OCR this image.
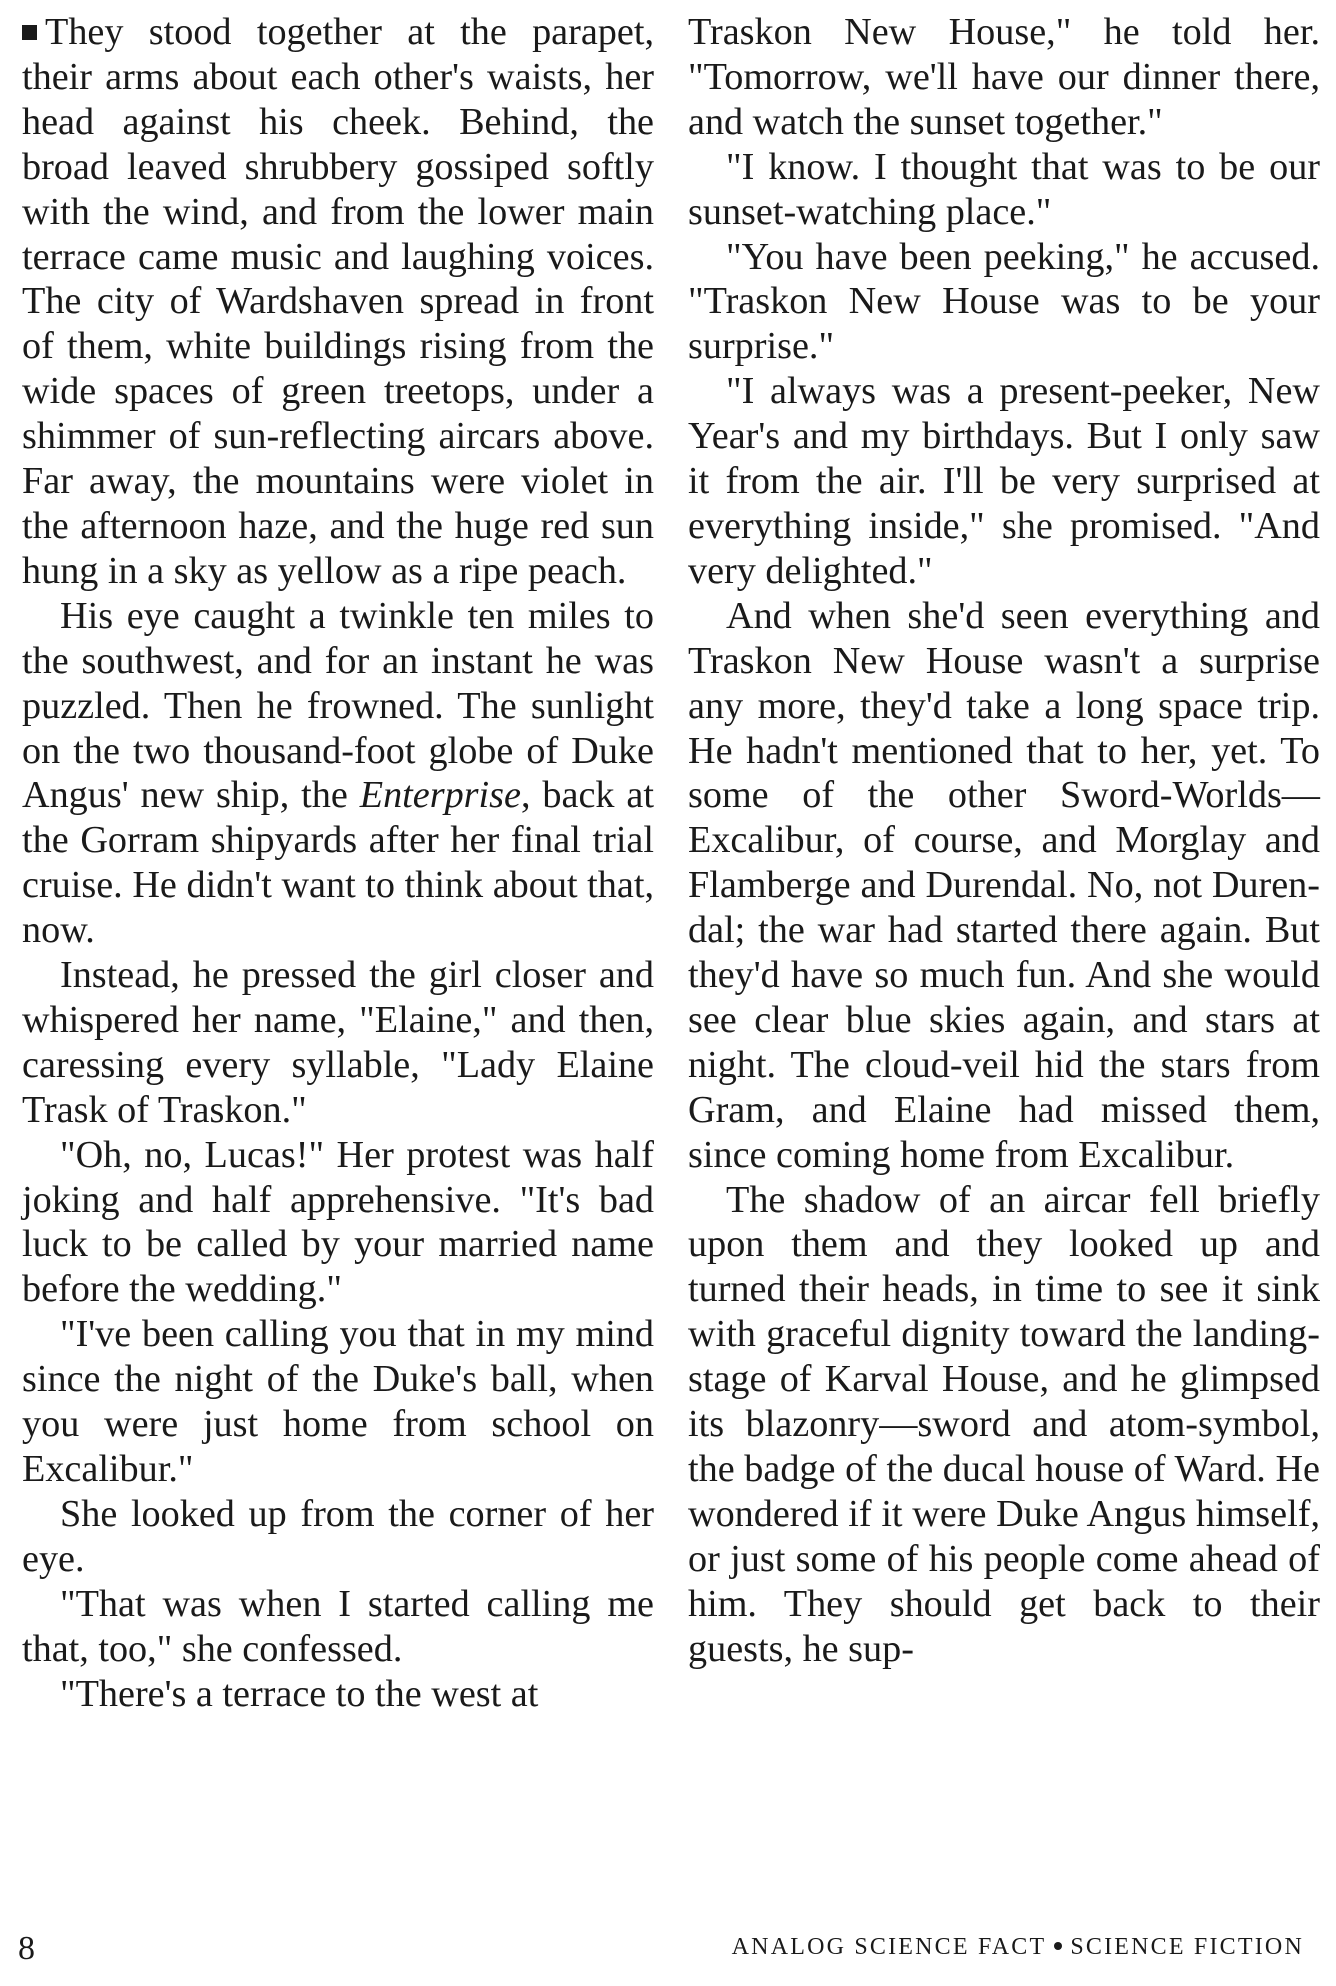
They stood together at the parapet, their arms about each other's waists, her head against his cheek. Behind, the broad leaved shrubbery gossiped softly with the wind, and from the lower main terrace came music and laughing voices. The city of Wardshaven spread in front of them, white buildings rising from the wide spaces of green treetops, under a shimmer of sun-reflecting aircars above. Far away, the mountains were violet in the afternoon haze, and the huge red sun hung in a sky as yellow as a ripe peach.

His eye caught a twinkle ten miles to the southwest, and for an instant he was puzzled. Then he frowned. The sunlight on the two thousand-foot globe of Duke Angus' new ship, the Enterprise, back at the Gorram shipyards after her final trial cruise. He didn't want to think about that, now.

Instead, he pressed the girl closer and whispered her name, "Elaine," and then, caressing every syllable, "Lady Elaine Trask of Traskon."

"Oh, no, Lucas!" Her protest was half joking and half apprehensive. "It's bad luck to be called by your married name before the wedding."

"I've been calling you that in my mind since the night of the Duke's ball, when you were just home from school on Excalibur."

She looked up from the corner of her eye.

"That was when I started calling me that, too," she confessed.

"There's a terrace to the west at

Traskon New House," he told her. "Tomorrow, we'll have our dinner there, and watch the sunset together."

"I know. I thought that was to be our sunset-watching place."

"You have been peeking," he accused. "Traskon New House was to be your surprise."

"I always was a present-peeker, New Year's and my birthdays. But I only saw it from the air. I'll be very surprised at everything inside," she promised. "And very delighted."

And when she'd seen everything and Traskon New House wasn't a surprise any more, they'd take a long space trip. He hadn't mentioned that to her, yet. To some of the other Sword-Worlds—Excalibur, of course, and Morglay and Flamberge and Durendal. No, not Durendal; the war had started there again. But they'd have so much fun. And she would see clear blue skies again, and stars at night. The cloud-veil hid the stars from Gram, and Elaine had missed them, since coming home from Excalibur.

The shadow of an aircar fell briefly upon them and they looked up and turned their heads, in time to see it sink with graceful dignity toward the landing-stage of Karval House, and he glimpsed its blazonry—sword and atom-symbol, the badge of the ducal house of Ward. He wondered if it were Duke Angus himself, or just some of his people come ahead of him. They should get back to their guests, he sup-

8	ANALOG SCIENCE FACT SCIENCE FICTION
